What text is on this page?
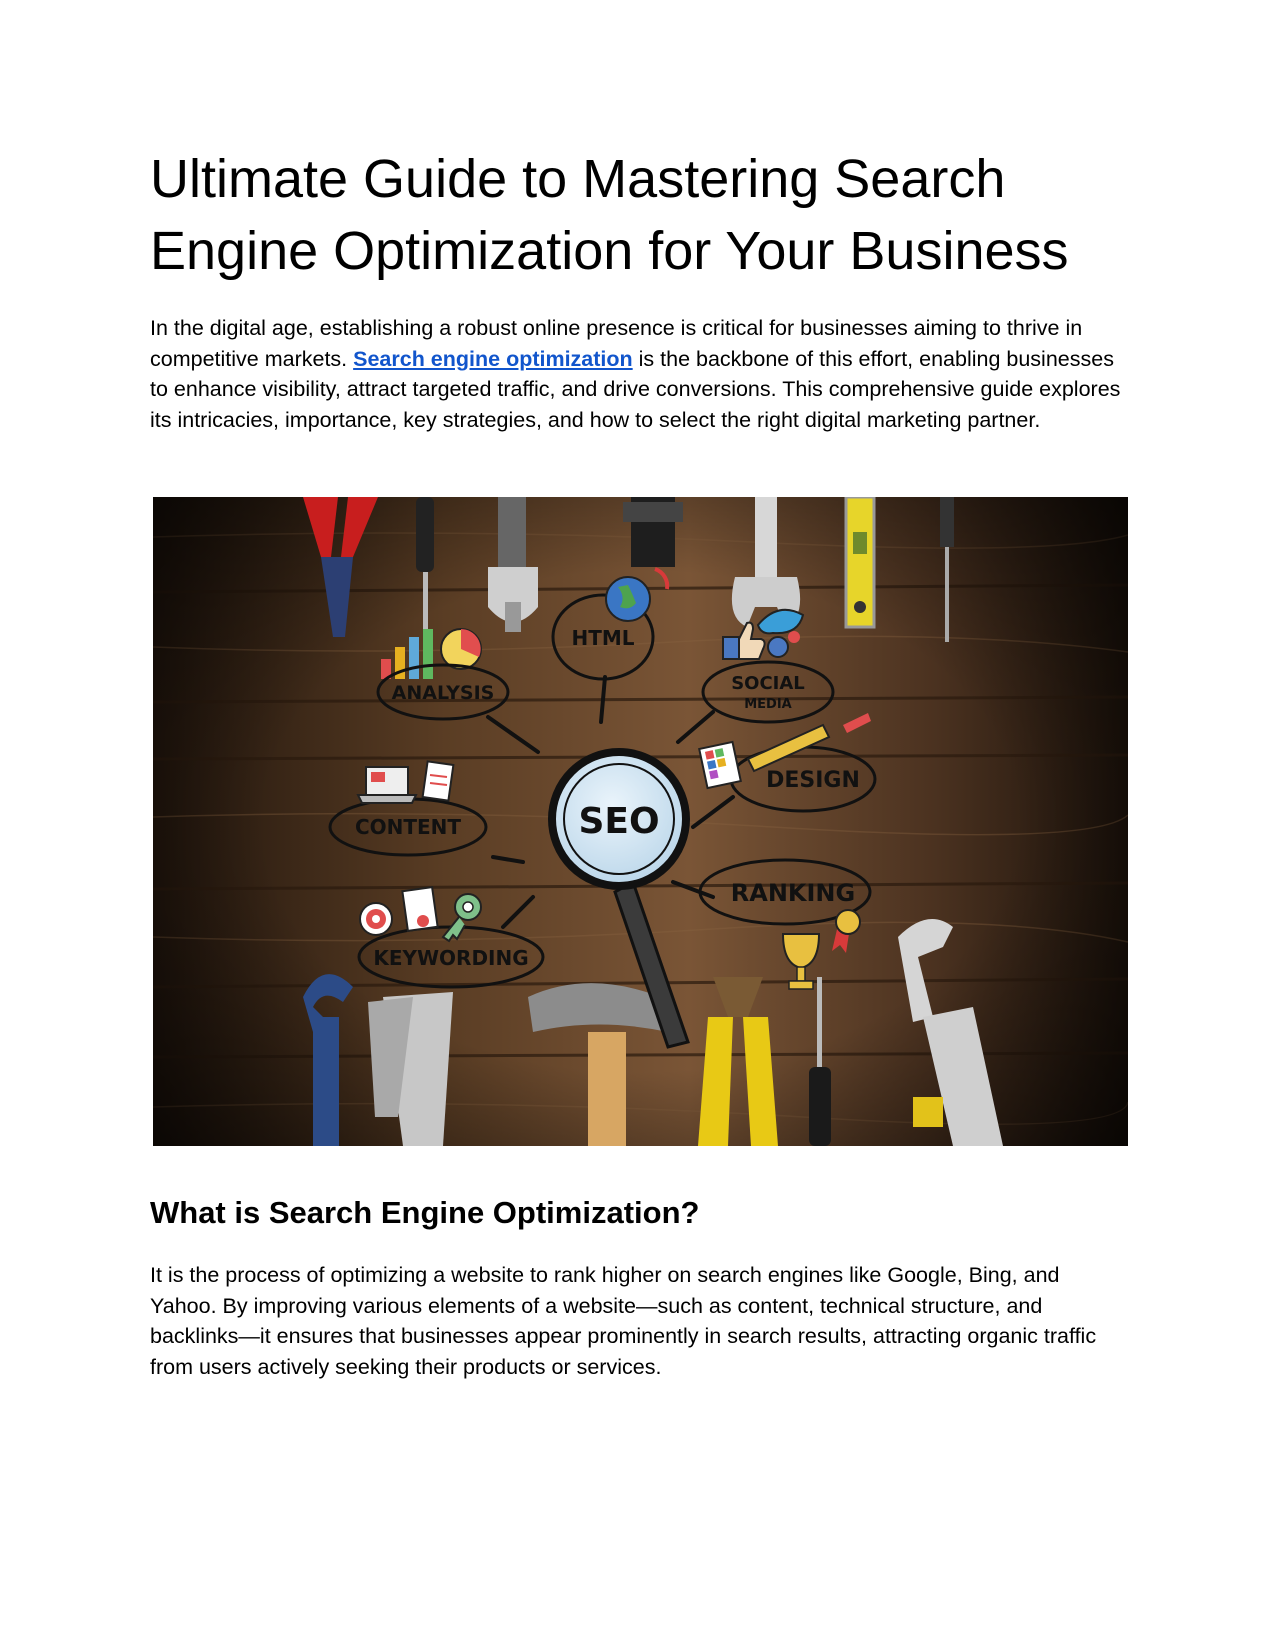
Ultimate Guide to Mastering Search Engine Optimization for Your Business

In the digital age, establishing a robust online presence is critical for businesses aiming to thrive in competitive markets. Search engine optimization is the backbone of this effort, enabling businesses to enhance visibility, attract targeted traffic, and drive conversions. This comprehensive guide explores its intricacies, importance, key strategies, and how to select the right digital marketing partner.

SEO
ANALYSIS
HTML
SOCIAL
MEDIA
DESIGN
CONTENT
KEYWORDING
RANKING
What is Search Engine Optimization?

It is the process of optimizing a website to rank higher on search engines like Google, Bing, and Yahoo. By improving various elements of a website—such as content, technical structure, and backlinks—it ensures that businesses appear prominently in search results, attracting organic traffic from users actively seeking their products or services.
